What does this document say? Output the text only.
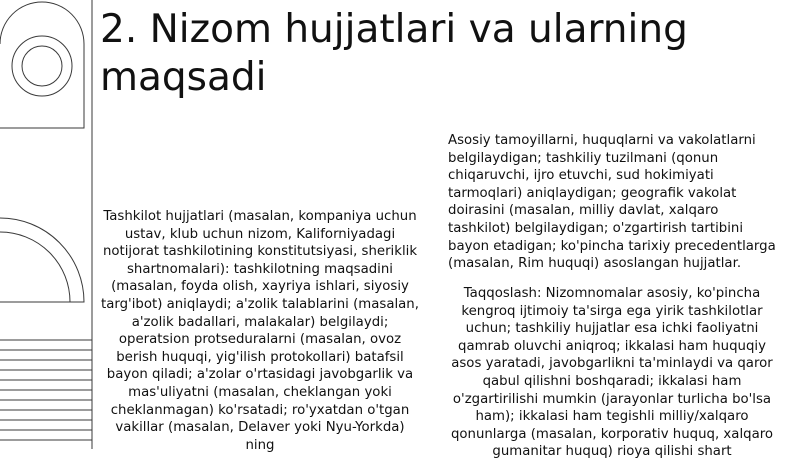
2. Nizom hujjatlari va ularning maqsadi

Tashkilot hujjatlari (masalan, kompaniya uchun ustav, klub uchun nizom, Kaliforniyadagi notijorat tashkilotining konstitutsiyasi, sheriklik shartnomalari): tashkilotning maqsadini (masalan, foyda olish, xayriya ishlari, siyosiy targ'ibot) aniqlaydi; a'zolik talablarini (masalan, a'zolik badallari, malakalar) belgilaydi; operatsion protseduralarni (masalan, ovoz berish huquqi, yig'ilish protokollari) batafsil bayon qiladi; a'zolar o'rtasidagi javobgarlik va mas'uliyatni (masalan, cheklangan yoki cheklanmagan) ko'rsatadi; ro'yxatdan o'tgan vakillar (masalan, Delaver yoki Nyu-Yorkda) ning

Asosiy tamoyillarni, huquqlarni va vakolatlarni belgilaydigan; tashkiliy tuzilmani (qonun chiqaruvchi, ijro etuvchi, sud hokimiyati tarmoqlari) aniqlaydigan; geografik vakolat doirasini (masalan, milliy davlat, xalqaro tashkilot) belgilaydigan; o'zgartirish tartibini bayon etadigan; ko'pincha tarixiy precedentlarga (masalan, Rim huquqi) asoslangan hujjatlar.

Taqqoslash: Nizomnomalar asosiy, ko'pincha kengroq ijtimoiy ta'sirga ega yirik tashkilotlar uchun; tashkiliy hujjatlar esa ichki faoliyatni qamrab oluvchi aniqroq; ikkalasi ham huquqiy asos yaratadi, javobgarlikni ta'minlaydi va qaror qabul qilishni boshqaradi; ikkalasi ham o'zgartirilishi mumkin (jarayonlar turlicha bo'lsa ham); ikkalasi ham tegishli milliy/xalqaro qonunlarga (masalan, korporativ huquq, xalqaro gumanitar huquq) rioya qilishi shart
